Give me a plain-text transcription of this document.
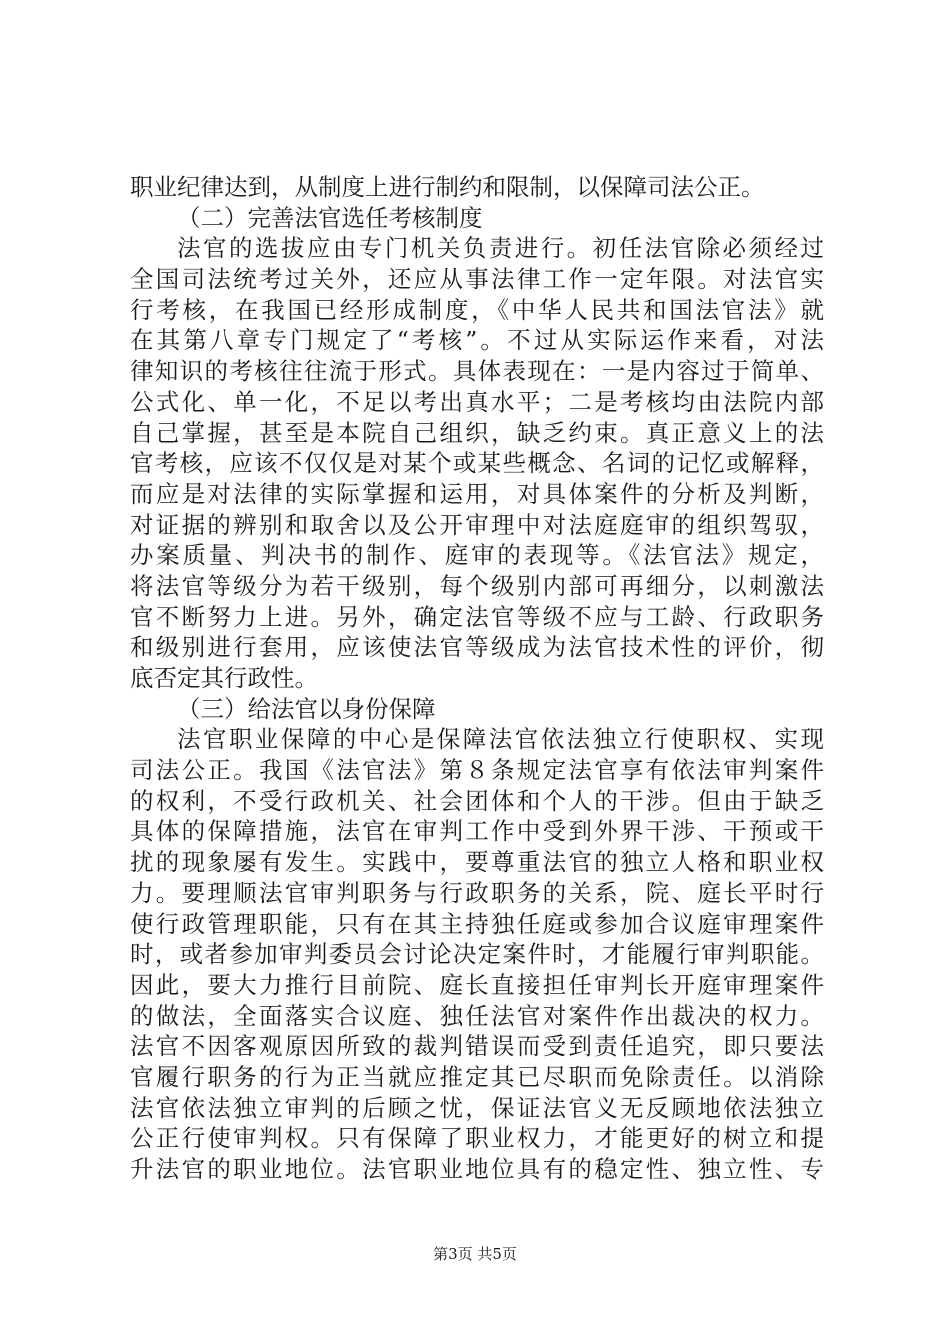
职业纪律达到，从制度上进行制约和限制，以保障司法公正。
（二）完善法官选任考核制度
法官的选拔应由专门机关负责进行。初任法官除必须经过
全国司法统考过关外，还应从事法律工作一定年限。对法官实
行考核，在我国已经形成制度，《中华人民共和国法官法》就
在其第八章专门规定了“考核”。不过从实际运作来看，对法
律知识的考核往往流于形式。具体表现在：一是内容过于简单、
公式化、单一化，不足以考出真水平；二是考核均由法院内部
自己掌握，甚至是本院自己组织，缺乏约束。真正意义上的法
官考核，应该不仅仅是对某个或某些概念、名词的记忆或解释，
而应是对法律的实际掌握和运用，对具体案件的分析及判断，
对证据的辨别和取舍以及公开审理中对法庭庭审的组织驾驭，
办案质量、判决书的制作、庭审的表现等。《法官法》规定，
将法官等级分为若干级别，每个级别内部可再细分，以刺激法
官不断努力上进。另外，确定法官等级不应与工龄、行政职务
和级别进行套用，应该使法官等级成为法官技术性的评价，彻
底否定其行政性。
（三）给法官以身份保障
法官职业保障的中心是保障法官依法独立行使职权、实现
司法公正。我国《法官法》第８条规定法官享有依法审判案件
的权利，不受行政机关、社会团体和个人的干涉。但由于缺乏
具体的保障措施，法官在审判工作中受到外界干涉、干预或干
扰的现象屡有发生。实践中，要尊重法官的独立人格和职业权
力。要理顺法官审判职务与行政职务的关系，院、庭长平时行
使行政管理职能，只有在其主持独任庭或参加合议庭审理案件
时，或者参加审判委员会讨论决定案件时，才能履行审判职能。
因此，要大力推行目前院、庭长直接担任审判长开庭审理案件
的做法，全面落实合议庭、独任法官对案件作出裁决的权力。
法官不因客观原因所致的裁判错误而受到责任追究，即只要法
官履行职务的行为正当就应推定其已尽职而免除责任。以消除
法官依法独立审判的后顾之忧，保证法官义无反顾地依法独立
公正行使审判权。只有保障了职业权力，才能更好的树立和提
升法官的职业地位。法官职业地位具有的稳定性、独立性、专
第3页 共5页
